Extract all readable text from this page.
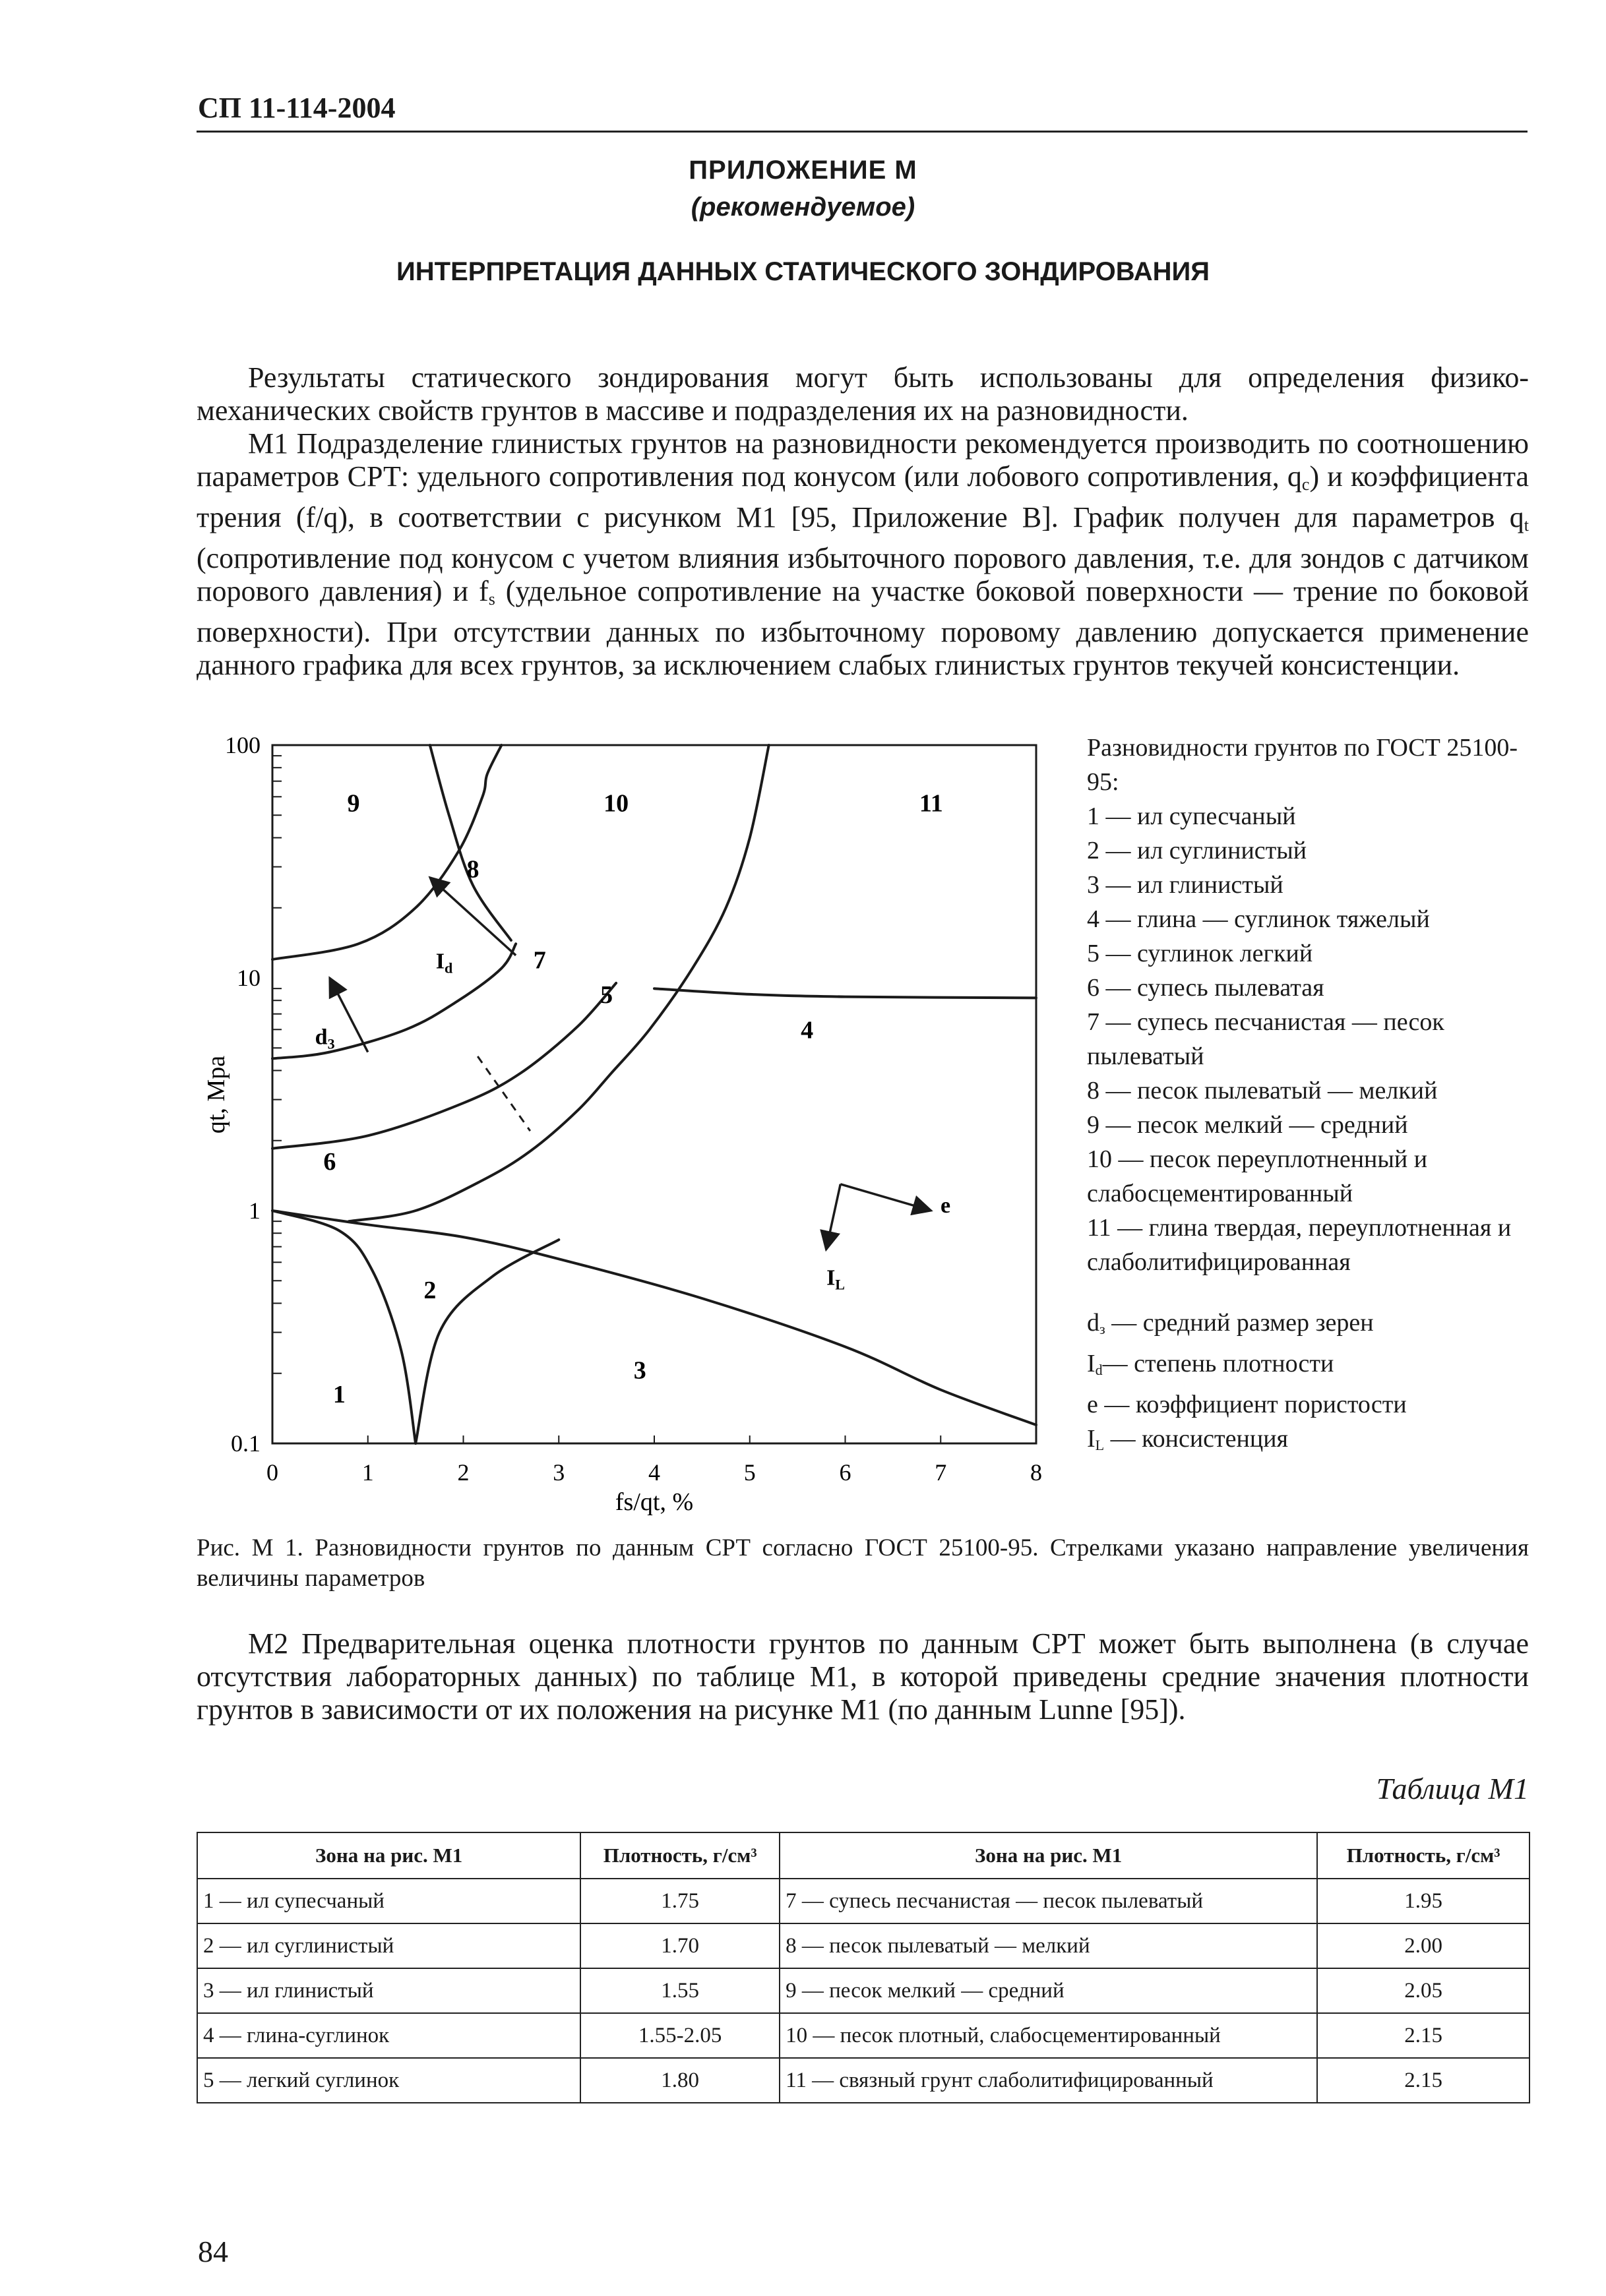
СП 11-114-2004
ПРИЛОЖЕНИЕ М
(рекомендуемое)
ИНТЕРПРЕТАЦИЯ ДАННЫХ СТАТИЧЕСКОГО ЗОНДИРОВАНИЯ

Результаты статического зондирования могут быть использованы для определения физико-механических свойств грунтов в массиве и подразделения их на разновидности.

М1 Подразделение глинистых грунтов на разновидности рекомендуется производить по соотношению параметров СРТ: удельного сопротивления под конусом (или лобового сопротивления, $q_c$) и коэффициента трения (f/q), в соответствии с рисунком М1 [95, Приложение В]. График получен для параметров $q_t$ (сопротивление под конусом с учетом влияния избыточного порового давления, т.е. для зондов с датчиком порового давления) и $f_s$ (удельное сопротивление на участке боковой поверхности — трение по боковой поверхности). При отсутствии данных по избыточному поровому давлению допускается применение данного графика для всех грунтов, за исключением слабых глинистых грунтов текучей консистенции.

0	1	2	3	4	5	6	7	8
0.1
1
10
100
1
2
3
4
5
6
7
8
9	10	11
$I_d$
$d_3$
e
$I_L$
fs/qt, %
qt, Мра

Разновидности грунтов по ГОСТ 25100-95:

1 — ил супесчаный

2 — ил суглинистый

3 — ил глинистый

4 — глина — суглинок тяжелый

5 — суглинок легкий

6 — супесь пылеватая

7 — супесь песчанистая — песок пылеватый

8 — песок пылеватый — мелкий

9 — песок мелкий — средний

10 — песок переуплотненный и слабосцементированный

11 — глина твердая, переуплотненная и слаболитифицированная

$d_з$ — средний размер зерен

$I_d—$ степень плотности

е — коэффициент пористости

$I_L$ — консистенция

Рис. М 1. Разновидности грунтов по данным СРТ согласно ГОСТ 25100-95. Стрелками указано направление увеличения величины параметров

М2 Предварительная оценка плотности грунтов по данным СРТ может быть выполнена (в случае отсутствия лабораторных данных) по таблице М1, в которой приведены средние значения плотности грунтов в зависимости от их положения на рисунке М1 (по данным Lunne [95]).

Таблица М1
Зона на рис. М1	Плотность, г/см³	Зона на рис. М1	Плотность, г/см³
1 — ил супесчаный	1.75	7 — супесь песчанистая — песок пылеватый	1.95
2 — ил суглинистый	1.70	8 — песок пылеватый — мелкий	2.00
3 — ил глинистый	1.55	9 — песок мелкий — средний	2.05
4 — глина-суглинок	1.55-2.05	10 — песок плотный, слабосцементированный	2.15
5 — легкий суглинок	1.80	11 — связный грунт слаболитифицированный	2.15
84
